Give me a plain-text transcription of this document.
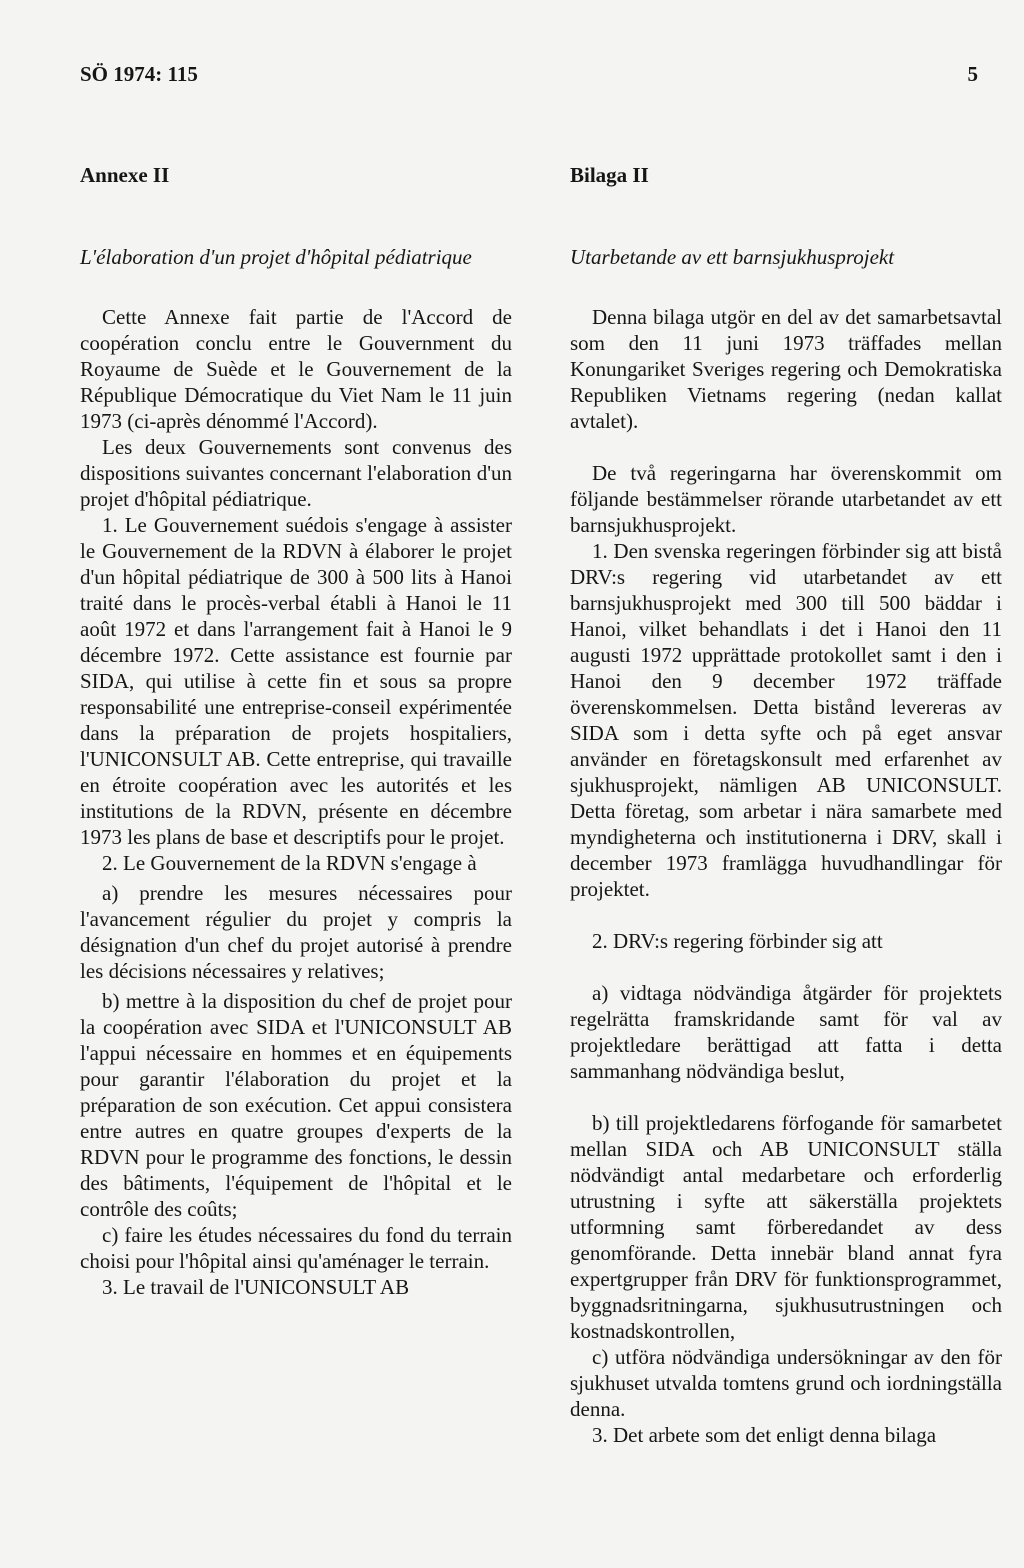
SÖ 1974: 115	5
Annexe II

L'élaboration d'un projet d'hôpital pédiatrique

Cette Annexe fait partie de l'Accord de coopération conclu entre le Gouvernment du Royaume de Suède et le Gouvernement de la République Démocratique du Viet Nam le 11 juin 1973 (ci-après dénommé l'Accord).

Les deux Gouvernements sont convenus des dispositions suivantes concernant l'elaboration d'un projet d'hôpital pédiatrique.

1. Le Gouvernement suédois s'engage à assister le Gouvernement de la RDVN à élaborer le projet d'un hôpital pédiatrique de 300 à 500 lits à Hanoi traité dans le procès-verbal établi à Hanoi le 11 août 1972 et dans l'arrangement fait à Hanoi le 9 décembre 1972. Cette assistance est fournie par SIDA, qui utilise à cette fin et sous sa propre responsabilité une entreprise-conseil expérimentée dans la préparation de projets hospitaliers, l'UNICONSULT AB. Cette entreprise, qui travaille en étroite coopération avec les autorités et les institutions de la RDVN, présente en décembre 1973 les plans de base et descriptifs pour le projet.

2. Le Gouvernement de la RDVN s'engage à

a) prendre les mesures nécessaires pour l'avancement régulier du projet y compris la désignation d'un chef du projet autorisé à prendre les décisions nécessaires y relatives;

b) mettre à la disposition du chef de projet pour la coopération avec SIDA et l'UNICONSULT AB l'appui nécessaire en hommes et en équipements pour garantir l'élaboration du projet et la préparation de son exécution. Cet appui consistera entre autres en quatre groupes d'experts de la RDVN pour le programme des fonctions, le dessin des bâtiments, l'équipement de l'hôpital et le contrôle des coûts;

c) faire les études nécessaires du fond du terrain choisi pour l'hôpital ainsi qu'aménager le terrain.

3. Le travail de l'UNICONSULT AB

Bilaga II

Utarbetande av ett barnsjukhusprojekt

Denna bilaga utgör en del av det samarbetsavtal som den 11 juni 1973 träffades mellan Konungariket Sveriges regering och Demokratiska Republiken Vietnams regering (nedan kallat avtalet).

De två regeringarna har överenskommit om följande bestämmelser rörande utarbetandet av ett barnsjukhusprojekt.

1. Den svenska regeringen förbinder sig att bistå DRV:s regering vid utarbetandet av ett barnsjukhusprojekt med 300 till 500 bäddar i Hanoi, vilket behandlats i det i Hanoi den 11 augusti 1972 upprättade protokollet samt i den i Hanoi den 9 december 1972 träffade överenskommelsen. Detta bistånd levereras av SIDA som i detta syfte och på eget ansvar använder en företagskonsult med erfarenhet av sjukhusprojekt, nämligen AB UNICONSULT. Detta företag, som arbetar i nära samarbete med myndigheterna och institutionerna i DRV, skall i december 1973 framlägga huvudhandlingar för projektet.

2. DRV:s regering förbinder sig att

a) vidtaga nödvändiga åtgärder för projektets regelrätta framskridande samt för val av projektledare berättigad att fatta i detta sammanhang nödvändiga beslut,

b) till projektledarens förfogande för samarbetet mellan SIDA och AB UNICONSULT ställa nödvändigt antal medarbetare och erforderlig utrustning i syfte att säkerställa projektets utformning samt förberedandet av dess genomförande. Detta innebär bland annat fyra expertgrupper från DRV för funktionsprogrammet, byggnadsritningarna, sjukhusutrustningen och kostnadskontrollen,

c) utföra nödvändiga undersökningar av den för sjukhuset utvalda tomtens grund och iordningställa denna.

3. Det arbete som det enligt denna bilaga
